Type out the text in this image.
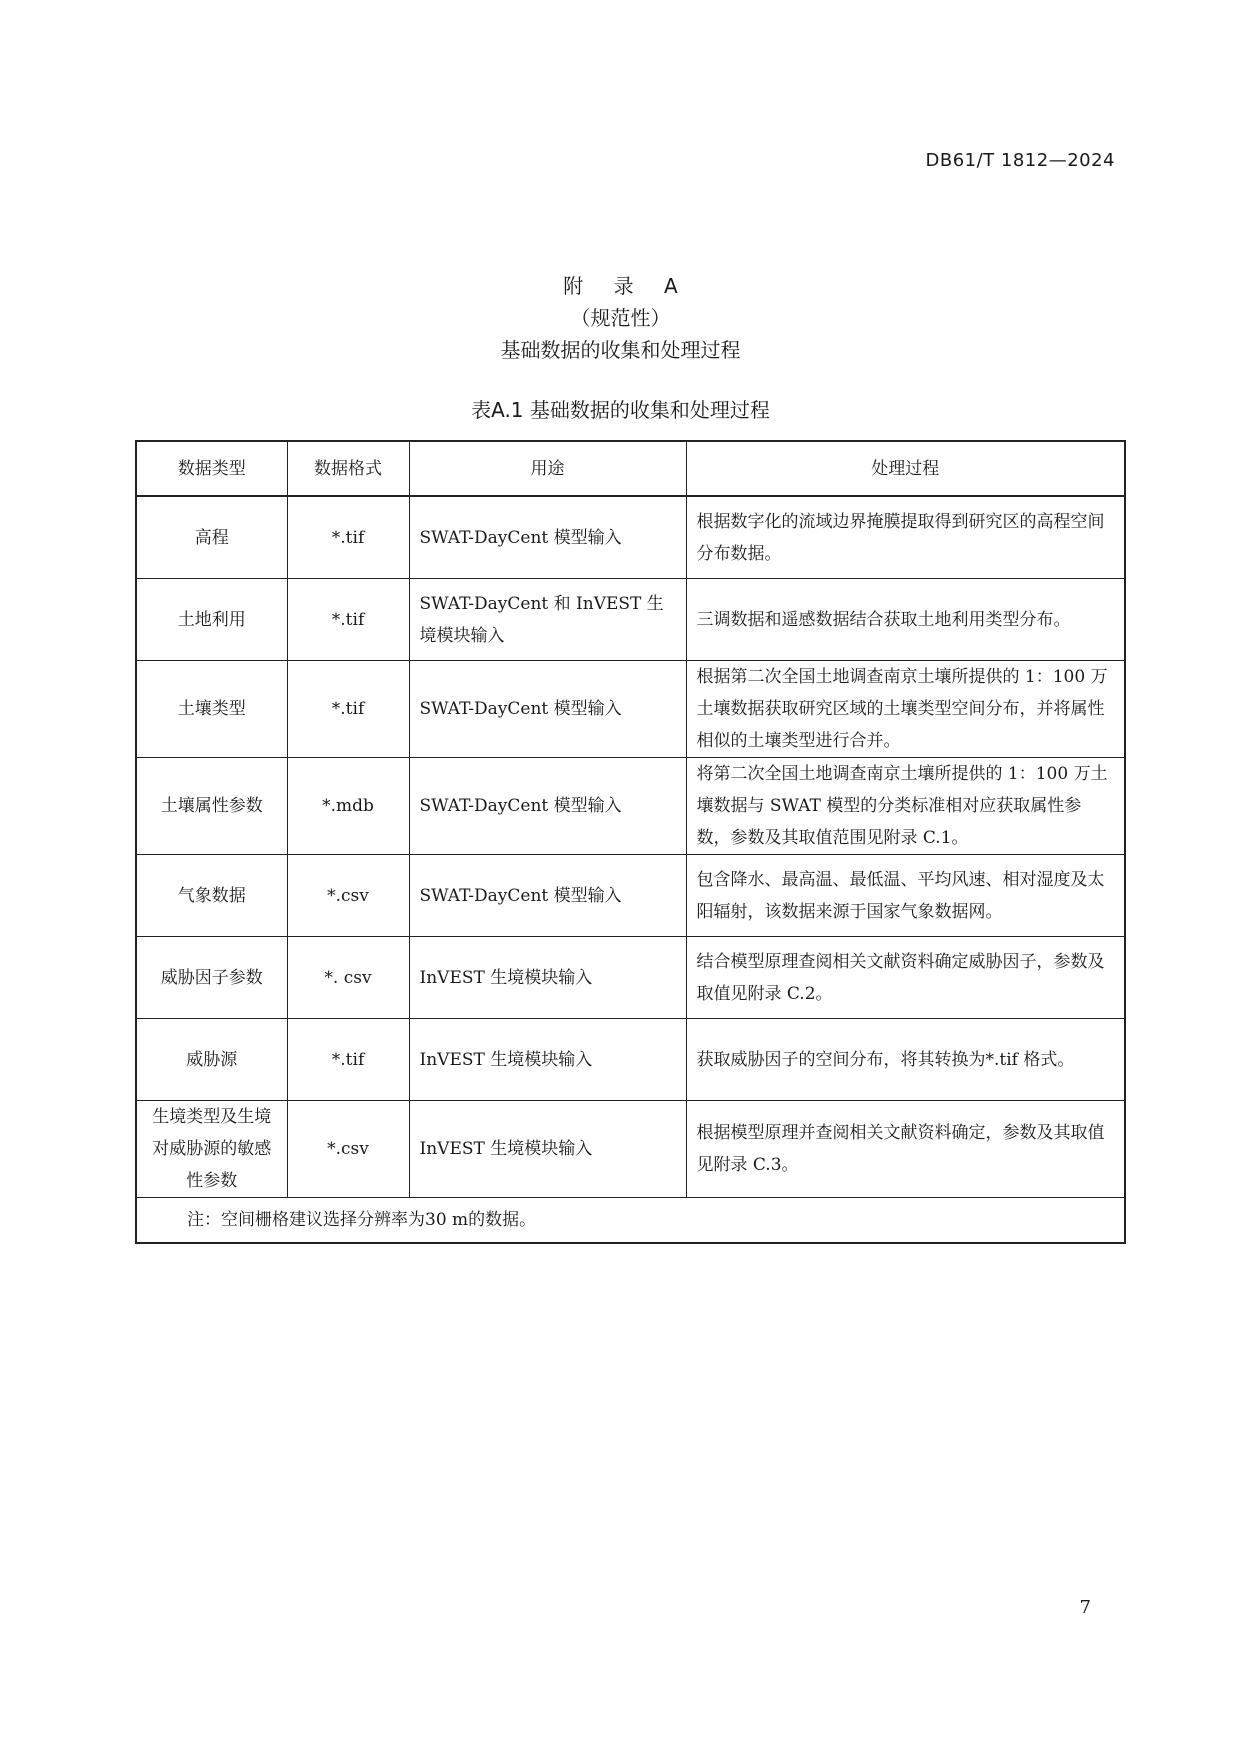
DB61/T 1812—2024
附 录 A
（规范性）
基础数据的收集和处理过程
表A.1 基础数据的收集和处理过程
数据类型	数据格式	用途	处理过程
高程	*.tif	SWAT-DayCent 模型输入	根据数字化的流域边界掩膜提取得到研究区的高程空间分布数据。
土地利用	*.tif	SWAT-DayCent 和 InVEST 生境模块输入	三调数据和遥感数据结合获取土地利用类型分布。
土壤类型	*.tif	SWAT-DayCent 模型输入	根据第二次全国土地调查南京土壤所提供的 1：100 万土壤数据获取研究区域的土壤类型空间分布，并将属性相似的土壤类型进行合并。
土壤属性参数	*.mdb	SWAT-DayCent 模型输入	将第二次全国土地调查南京土壤所提供的 1：100 万土壤数据与 SWAT 模型的分类标准相对应获取属性参数，参数及其取值范围见附录 C.1。
气象数据	*.csv	SWAT-DayCent 模型输入	包含降水、最高温、最低温、平均风速、相对湿度及太阳辐射，该数据来源于国家气象数据网。
威胁因子参数	*. csv	InVEST 生境模块输入	结合模型原理查阅相关文献资料确定威胁因子，参数及取值见附录 C.2。
威胁源	*.tif	InVEST 生境模块输入	获取威胁因子的空间分布，将其转换为*.tif 格式。
生境类型及生境对威胁源的敏感性参数	*.csv	InVEST 生境模块输入	根据模型原理并查阅相关文献资料确定，参数及其取值见附录 C.3。
注：空间栅格建议选择分辨率为30 m的数据。			
7
